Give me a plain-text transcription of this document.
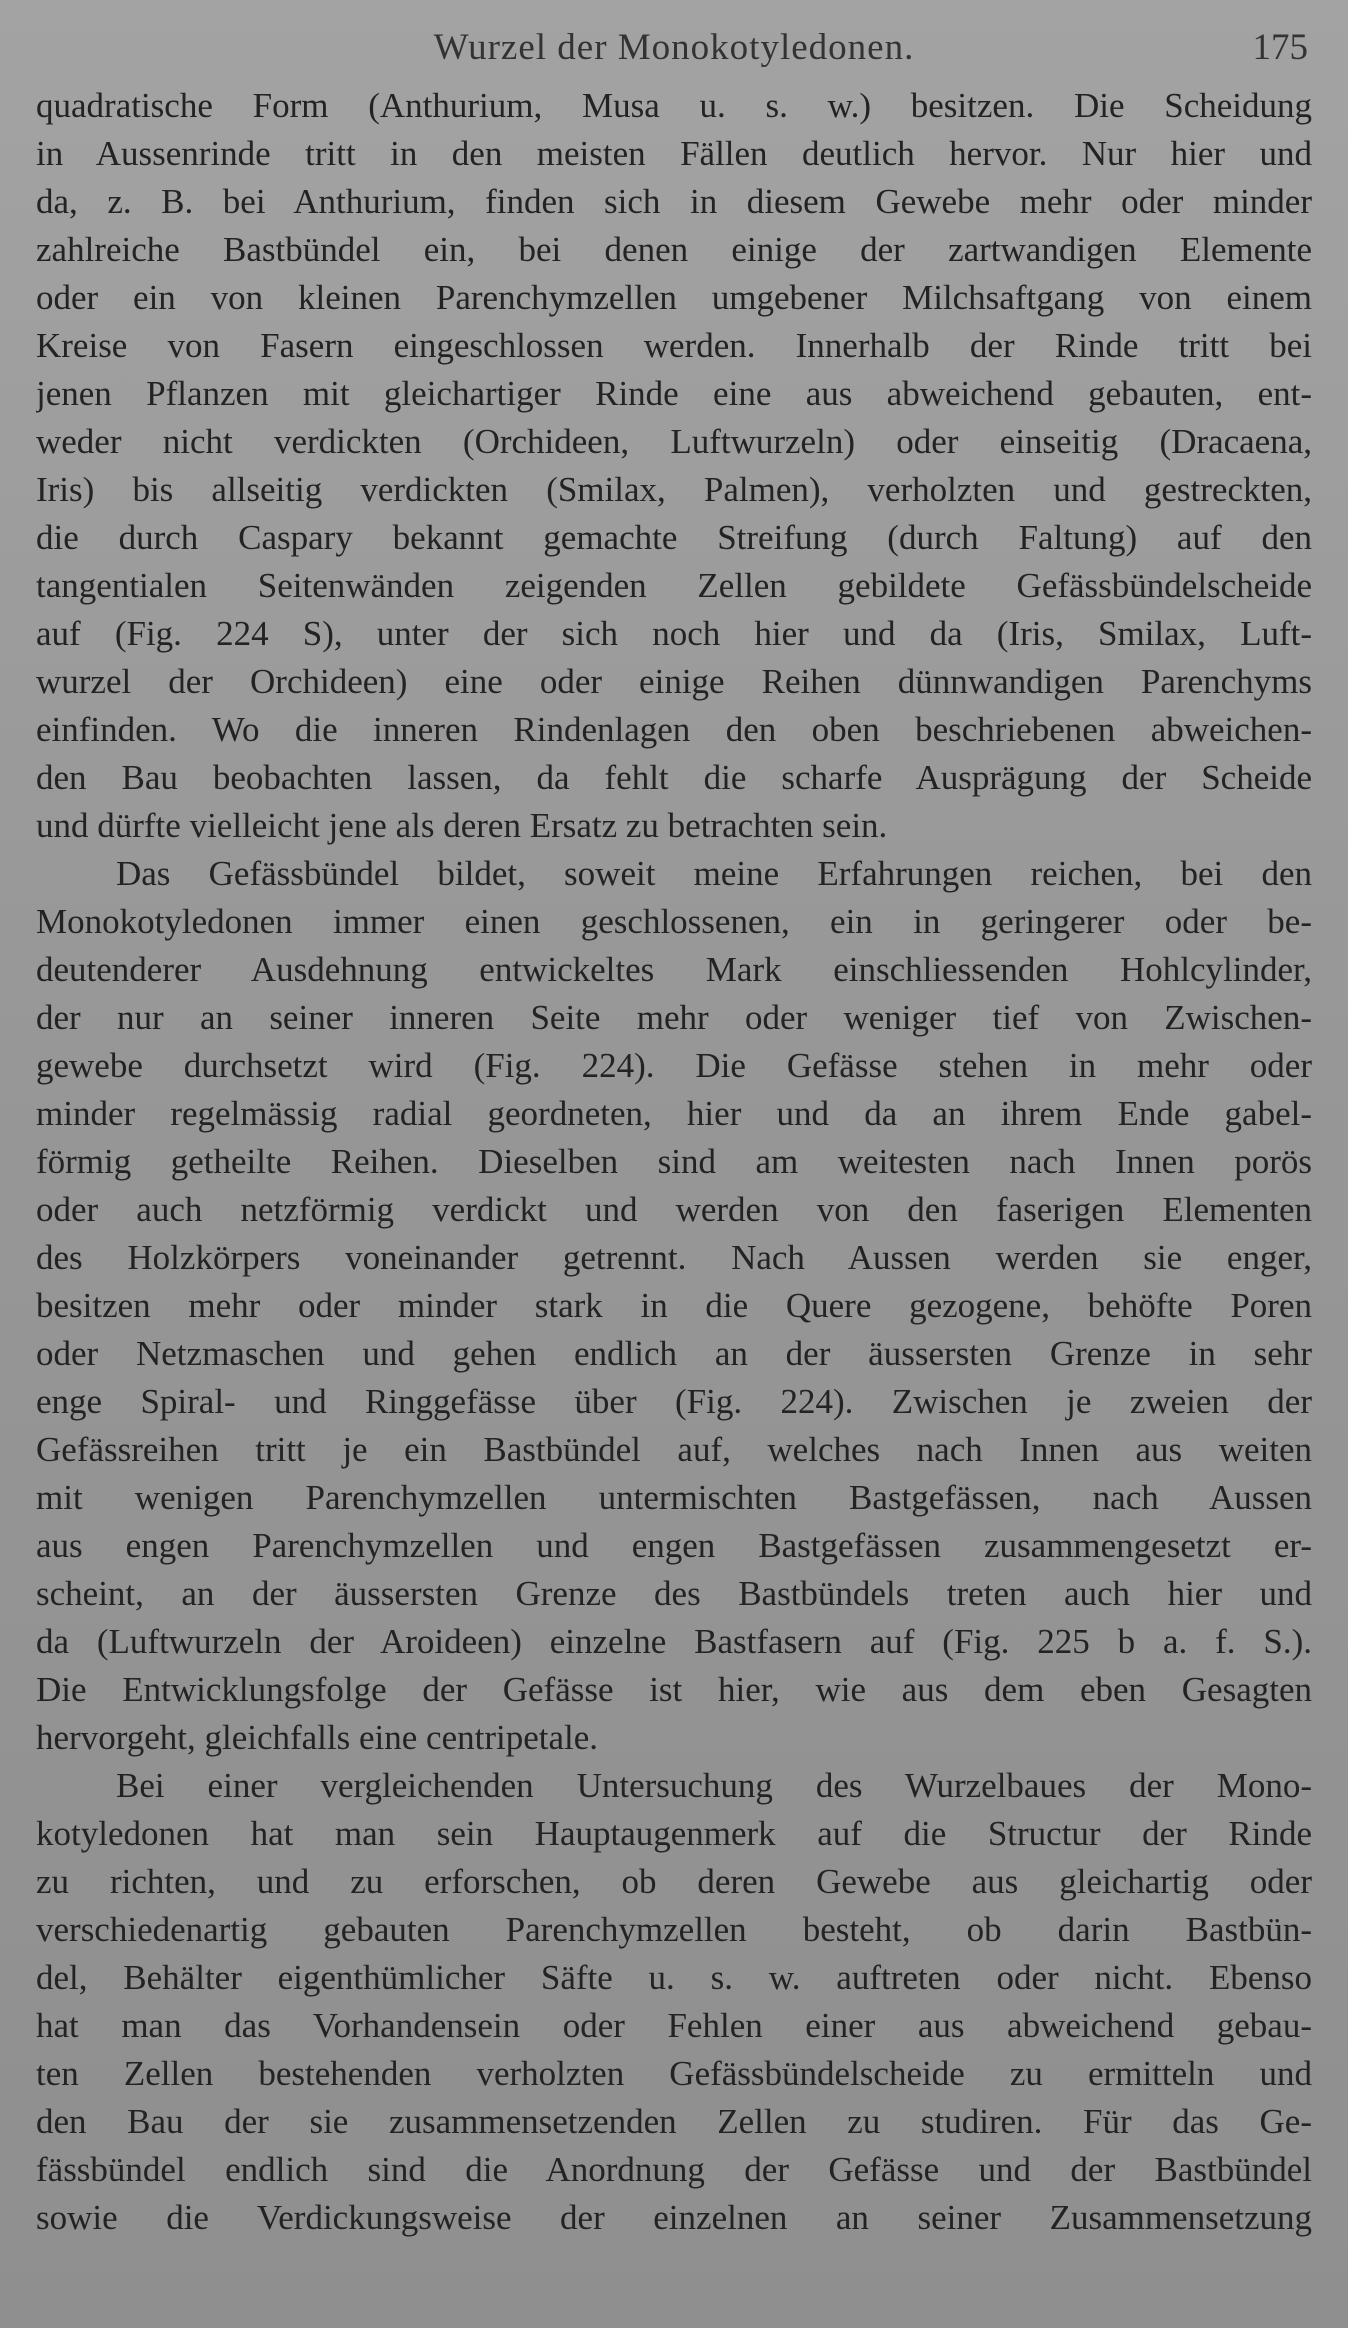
Wurzel der Monokotyledonen.	175
quadratische Form (Anthurium, Musa u. s. w.) besitzen. Die Scheidung
in Aussenrinde tritt in den meisten Fällen deutlich hervor. Nur hier und
da, z. B. bei Anthurium, finden sich in diesem Gewebe mehr oder minder
zahlreiche Bastbündel ein, bei denen einige der zartwandigen Elemente
oder ein von kleinen Parenchymzellen umgebener Milchsaftgang von einem
Kreise von Fasern eingeschlossen werden. Innerhalb der Rinde tritt bei
jenen Pflanzen mit gleichartiger Rinde eine aus abweichend gebauten, ent-
weder nicht verdickten (Orchideen, Luftwurzeln) oder einseitig (Dracaena,
Iris) bis allseitig verdickten (Smilax, Palmen), verholzten und gestreckten,
die durch Caspary bekannt gemachte Streifung (durch Faltung) auf den
tangentialen Seitenwänden zeigenden Zellen gebildete Gefässbündelscheide
auf (Fig. 224 S), unter der sich noch hier und da (Iris, Smilax, Luft-
wurzel der Orchideen) eine oder einige Reihen dünnwandigen Parenchyms
einfinden. Wo die inneren Rindenlagen den oben beschriebenen abweichen-
den Bau beobachten lassen, da fehlt die scharfe Ausprägung der Scheide
und dürfte vielleicht jene als deren Ersatz zu betrachten sein.
Das Gefässbündel bildet, soweit meine Erfahrungen reichen, bei den
Monokotyledonen immer einen geschlossenen, ein in geringerer oder be-
deutenderer Ausdehnung entwickeltes Mark einschliessenden Hohlcylinder,
der nur an seiner inneren Seite mehr oder weniger tief von Zwischen-
gewebe durchsetzt wird (Fig. 224). Die Gefässe stehen in mehr oder
minder regelmässig radial geordneten, hier und da an ihrem Ende gabel-
förmig getheilte Reihen. Dieselben sind am weitesten nach Innen porös
oder auch netzförmig verdickt und werden von den faserigen Elementen
des Holzkörpers voneinander getrennt. Nach Aussen werden sie enger,
besitzen mehr oder minder stark in die Quere gezogene, behöfte Poren
oder Netzmaschen und gehen endlich an der äussersten Grenze in sehr
enge Spiral- und Ringgefässe über (Fig. 224). Zwischen je zweien der
Gefässreihen tritt je ein Bastbündel auf, welches nach Innen aus weiten
mit wenigen Parenchymzellen untermischten Bastgefässen, nach Aussen
aus engen Parenchymzellen und engen Bastgefässen zusammengesetzt er-
scheint, an der äussersten Grenze des Bastbündels treten auch hier und
da (Luftwurzeln der Aroideen) einzelne Bastfasern auf (Fig. 225 b a. f. S.).
Die Entwicklungsfolge der Gefässe ist hier, wie aus dem eben Gesagten
hervorgeht, gleichfalls eine centripetale.
Bei einer vergleichenden Untersuchung des Wurzelbaues der Mono-
kotyledonen hat man sein Hauptaugenmerk auf die Structur der Rinde
zu richten, und zu erforschen, ob deren Gewebe aus gleichartig oder
verschiedenartig gebauten Parenchymzellen besteht, ob darin Bastbün-
del, Behälter eigenthümlicher Säfte u. s. w. auftreten oder nicht. Ebenso
hat man das Vorhandensein oder Fehlen einer aus abweichend gebau-
ten Zellen bestehenden verholzten Gefässbündelscheide zu ermitteln und
den Bau der sie zusammensetzenden Zellen zu studiren. Für das Ge-
fässbündel endlich sind die Anordnung der Gefässe und der Bastbündel
sowie die Verdickungsweise der einzelnen an seiner Zusammensetzung
